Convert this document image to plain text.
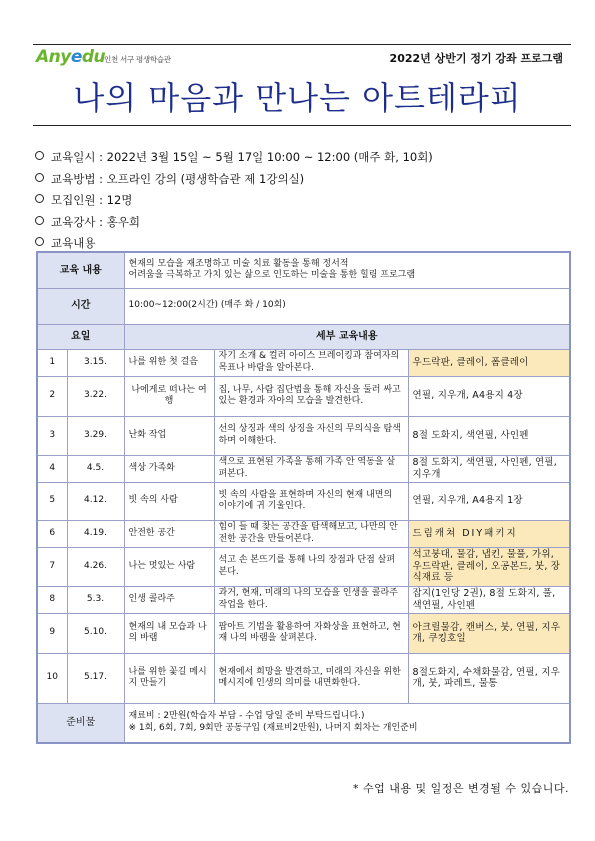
Anyedu
인천 서구 평생학습관	2022년 상반기 정기 강좌 프로그램
나의 마음과 만나는 아트테라피
교육일시 : 2022년 3월 15일 ~ 5월 17일 10:00 ~ 12:00 (매주 화, 10회)
교육방법 : 오프라인 강의 (평생학습관 제 1강의실)
모집인원 : 12명
교육강사 : 홍우희
교육내용
교육 내용		현재의 모습을 재조명하고 미술 치료 활동을 통해 정서적
어려움을 극복하고 가치 있는 삶으로 인도하는 미술을 통한 힐링 프로그램		

시간		10:00~12:00(2시간) (매주 화 / 10회)		
요일		세부 교육내용		
1	3.15.	나를 위한 첫 걸음	자기 소개 & 컬러 아이스 브레이킹과 참여자의 목표나 바람을 알아본다.	우드락판, 클레이, 폼클레이
2	3.22.	나에게로 떠나는 여행	집, 나무, 사람 집단법을 통해 자신을 둘러 싸고 있는 환경과 자아의 모습을 발견한다.	연필, 지우개, A4용지 4장
3	3.29.	난화 작업	선의 상징과 색의 상징을 자신의 무의식을 탐색하며 이해한다.	8절 도화지, 색연필, 사인펜
4	4.5.	색상 가족화	색으로 표현된 가족을 통해 가족 안 역동을 살펴본다.	8절 도화지, 색연필, 사인펜, 연필, 지우개
5	4.12.	빗 속의 사람	빗 속의 사람을 표현하며 자신의 현재 내면의 이야기에 귀 기울인다.	연필, 지우개, A4용지 1장
6	4.19.	안전한 공간	힘이 들 때 찾는 공간을 탐색해보고, 나만의 안전한 공간을 만들어본다.	드림캐쳐 DIY패키지
7	4.26.	나는 멋있는 사람	석고 손 본뜨기를 통해 나의 장점과 단점 살펴본다.	석고붕대, 물감, 냅킨, 물풀, 가위, 우드락판, 클레이, 오공본드, 붓, 장식재료 등
8	5.3.	인생 콜라주	과거, 현재, 미래의 나의 모습을 인생을 콜라주 작업을 한다.	잡지(1인당 2권), 8절 도화지, 풀, 색연필, 사인펜
9	5.10.	현재의 내 모습과 나의 바램	팝아트 기법을 활용하여 자화상을 표현하고, 현재 나의 바램을 살펴본다.	아크릴물감, 캔버스, 붓, 연필, 지우개, 쿠킹호일
10	5.17.	나를 위한 꽃길 메시지 만들기	현재에서 희망을 발견하고, 미래의 자신을 위한 메시지에 인생의 의미를 내면화한다.	8절도화지, 수채화물감, 연필, 지우개, 붓, 파레트, 물통
준비물		재료비 : 2만원(학습자 부담 - 수업 당일 준비 부탁드립니다.)
※ 1회, 6회, 7회, 9회만 공동구입 (재료비2만원), 나머지 회차는 개인준비		
* 수업 내용 및 일정은 변경될 수 있습니다.
